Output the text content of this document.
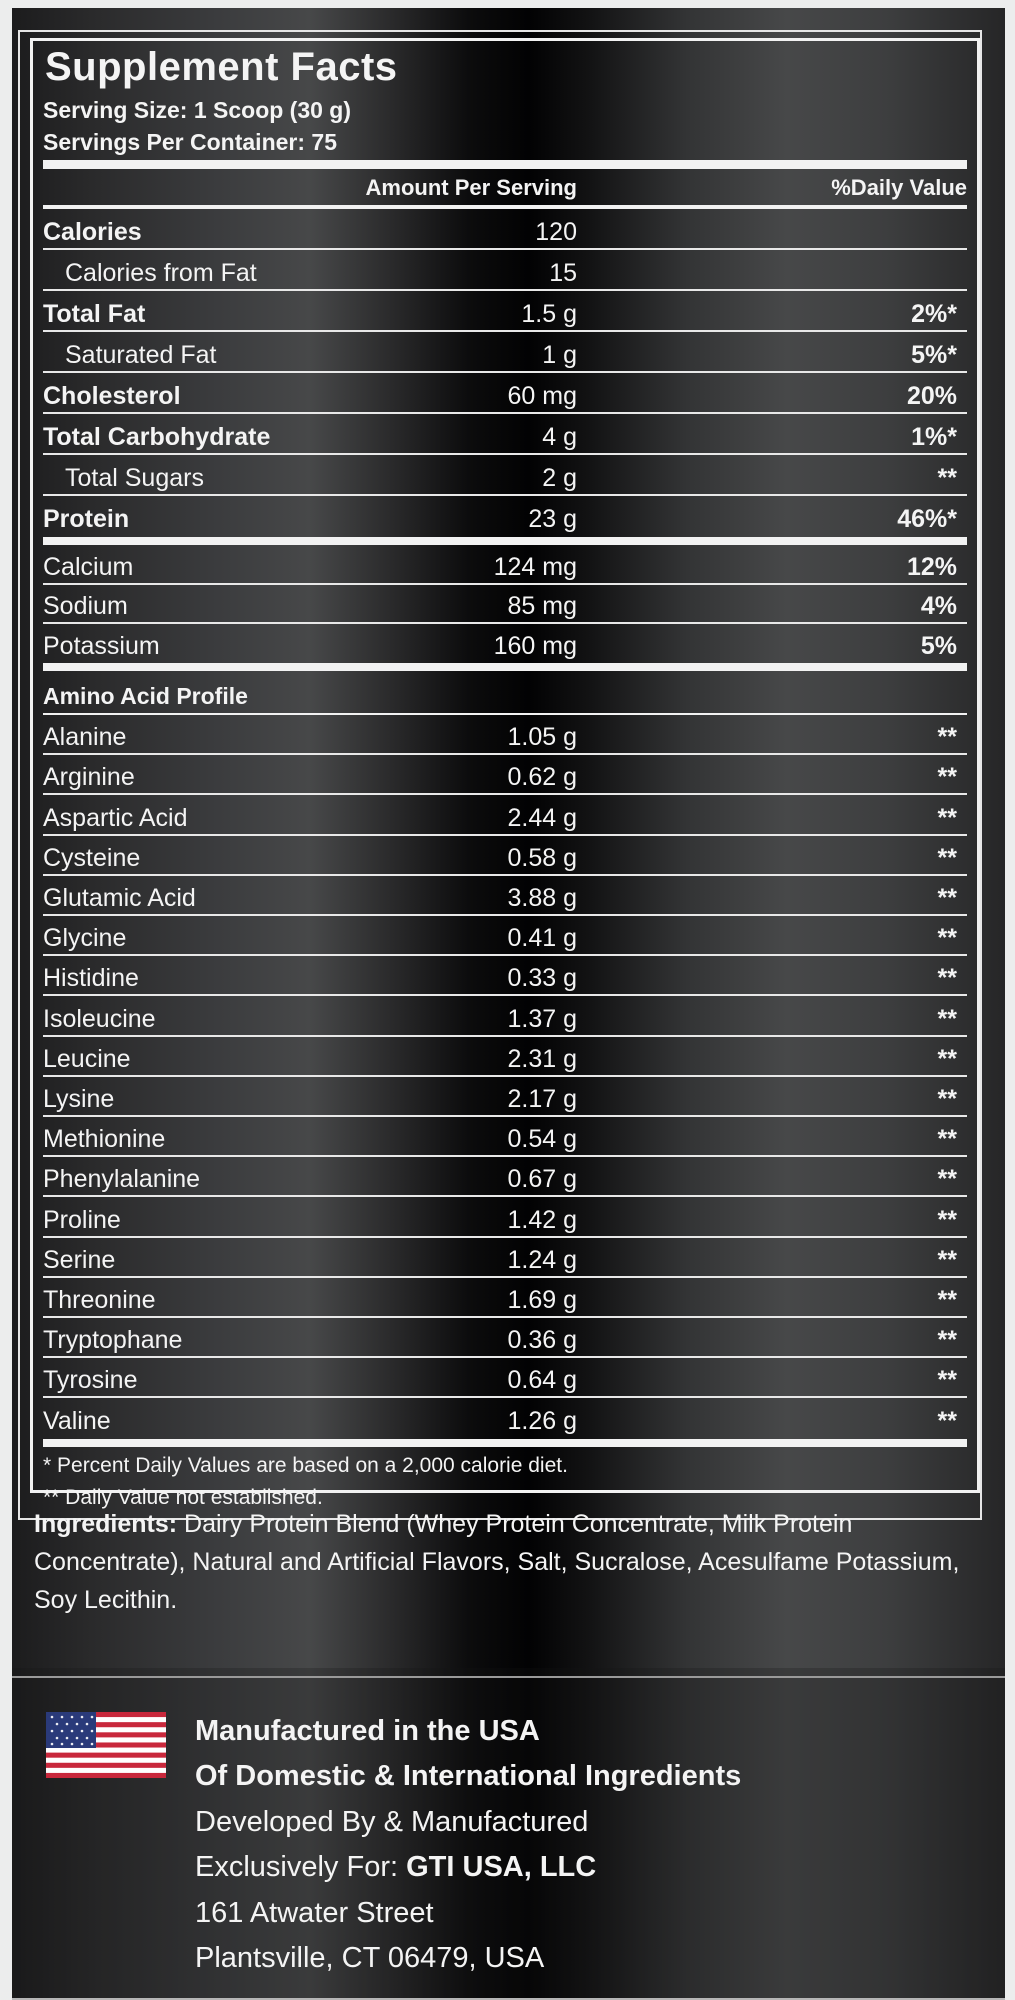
Supplement Facts
Serving Size: 1 Scoop (30 g)
Servings Per Container: 75
Amount Per Serving	%Daily Value
Calories	120
Calories from Fat	15
Total Fat	1.5 g	2%*
Saturated Fat	1 g	5%*
Cholesterol	60 mg	20%
Total Carbohydrate	4 g	1%*
Total Sugars	2 g	**
Protein	23 g	46%*
Calcium	124 mg	12%
Sodium	85 mg	4%
Potassium	160 mg	5%
Amino Acid Profile
Alanine	1.05 g	**
Arginine	0.62 g	**
Aspartic Acid	2.44 g	**
Cysteine	0.58 g	**
Glutamic Acid	3.88 g	**
Glycine	0.41 g	**
Histidine	0.33 g	**
Isoleucine	1.37 g	**
Leucine	2.31 g	**
Lysine	2.17 g	**
Methionine	0.54 g	**
Phenylalanine	0.67 g	**
Proline	1.42 g	**
Serine	1.24 g	**
Threonine	1.69 g	**
Tryptophane	0.36 g	**
Tyrosine	0.64 g	**
Valine	1.26 g	**
* Percent Daily Values are based on a 2,000 calorie diet.
** Daily Value not established.
Ingredients: Dairy Protein Blend (Whey Protein Concentrate, Milk Protein Concentrate), Natural and Artificial Flavors, Salt, Sucralose, Acesulfame Potassium, Soy Lecithin.
Manufactured in the USA
Of Domestic & International Ingredients
Developed By & Manufactured
Exclusively For: GTI USA, LLC
161 Atwater Street
Plantsville, CT 06479, USA
